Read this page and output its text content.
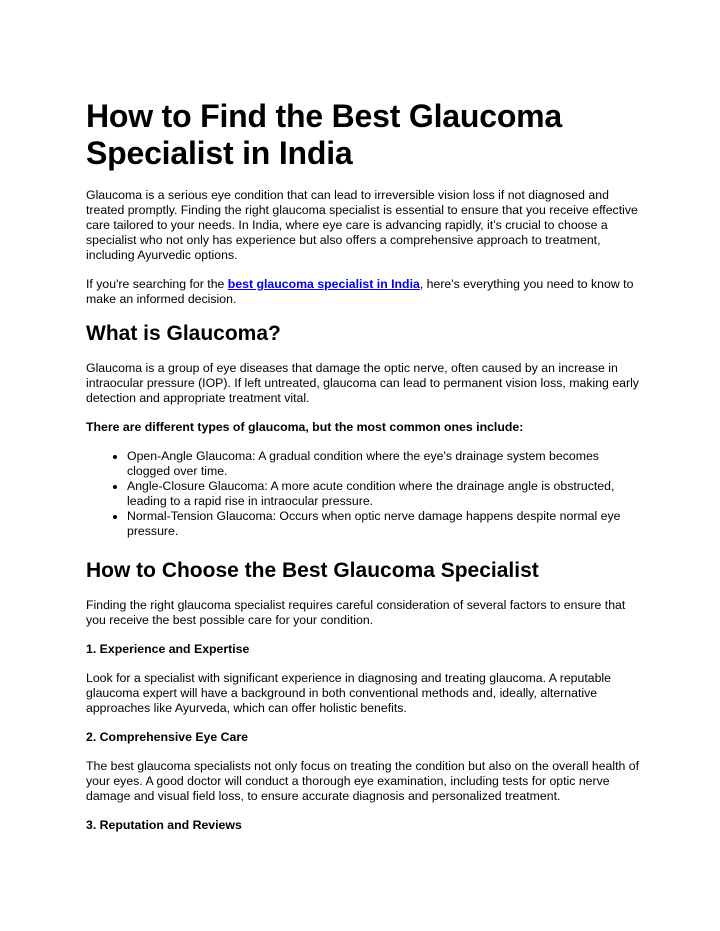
How to Find the Best Glaucoma Specialist in India

Glaucoma is a serious eye condition that can lead to irreversible vision loss if not diagnosed and treated promptly. Finding the right glaucoma specialist is essential to ensure that you receive effective care tailored to your needs. In India, where eye care is advancing rapidly, it’s crucial to choose a specialist who not only has experience but also offers a comprehensive approach to treatment, including Ayurvedic options.

If you're searching for the best glaucoma specialist in India, here's everything you need to know to make an informed decision.

What is Glaucoma?

Glaucoma is a group of eye diseases that damage the optic nerve, often caused by an increase in intraocular pressure (IOP). If left untreated, glaucoma can lead to permanent vision loss, making early detection and appropriate treatment vital.

There are different types of glaucoma, but the most common ones include:

• Open-Angle Glaucoma: A gradual condition where the eye's drainage system becomes clogged over time.
• Angle-Closure Glaucoma: A more acute condition where the drainage angle is obstructed, leading to a rapid rise in intraocular pressure.
• Normal-Tension Glaucoma: Occurs when optic nerve damage happens despite normal eye pressure.
How to Choose the Best Glaucoma Specialist

Finding the right glaucoma specialist requires careful consideration of several factors to ensure that you receive the best possible care for your condition.

1. Experience and Expertise

Look for a specialist with significant experience in diagnosing and treating glaucoma. A reputable glaucoma expert will have a background in both conventional methods and, ideally, alternative approaches like Ayurveda, which can offer holistic benefits.

2. Comprehensive Eye Care

The best glaucoma specialists not only focus on treating the condition but also on the overall health of your eyes. A good doctor will conduct a thorough eye examination, including tests for optic nerve damage and visual field loss, to ensure accurate diagnosis and personalized treatment.

3. Reputation and Reviews
